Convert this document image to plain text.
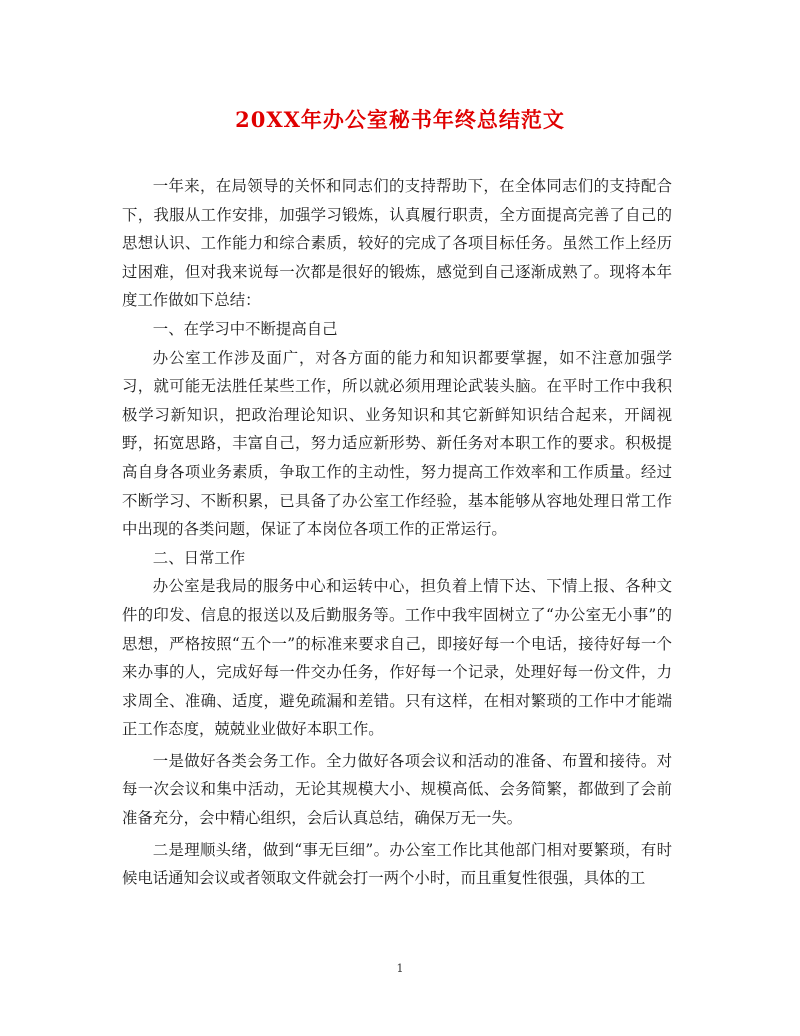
20XX年办公室秘书年终总结范文

一年来，在局领导的关怀和同志们的支持帮助下，在全体同志们的支持配合下，我服从工作安排，加强学习锻炼，认真履行职责，全方面提高完善了自己的思想认识、工作能力和综合素质，较好的完成了各项目标任务。虽然工作上经历过困难，但对我来说每一次都是很好的锻炼，感觉到自己逐渐成熟了。现将本年度工作做如下总结：

一、在学习中不断提高自己

办公室工作涉及面广，对各方面的能力和知识都要掌握，如不注意加强学习，就可能无法胜任某些工作，所以就必须用理论武装头脑。在平时工作中我积极学习新知识，把政治理论知识、业务知识和其它新鲜知识结合起来，开阔视野，拓宽思路，丰富自己，努力适应新形势、新任务对本职工作的要求。积极提高自身各项业务素质，争取工作的主动性，努力提高工作效率和工作质量。经过不断学习、不断积累，已具备了办公室工作经验，基本能够从容地处理日常工作中出现的各类问题，保证了本岗位各项工作的正常运行。

二、日常工作

办公室是我局的服务中心和运转中心，担负着上情下达、下情上报、各种文件的印发、信息的报送以及后勤服务等。工作中我牢固树立了“办公室无小事”的思想，严格按照“五个一”的标准来要求自己，即接好每一个电话，接待好每一个来办事的人，完成好每一件交办任务，作好每一个记录，处理好每一份文件，力求周全、准确、适度，避免疏漏和差错。只有这样，在相对繁琐的工作中才能端正工作态度，兢兢业业做好本职工作。

一是做好各类会务工作。全力做好各项会议和活动的准备、布置和接待。对每一次会议和集中活动，无论其规模大小、规模高低、会务简繁，都做到了会前准备充分，会中精心组织，会后认真总结，确保万无一失。

二是理顺头绪，做到“事无巨细”。办公室工作比其他部门相对要繁琐，有时候电话通知会议或者领取文件就会打一两个小时，而且重复性很强，具体的工

1
